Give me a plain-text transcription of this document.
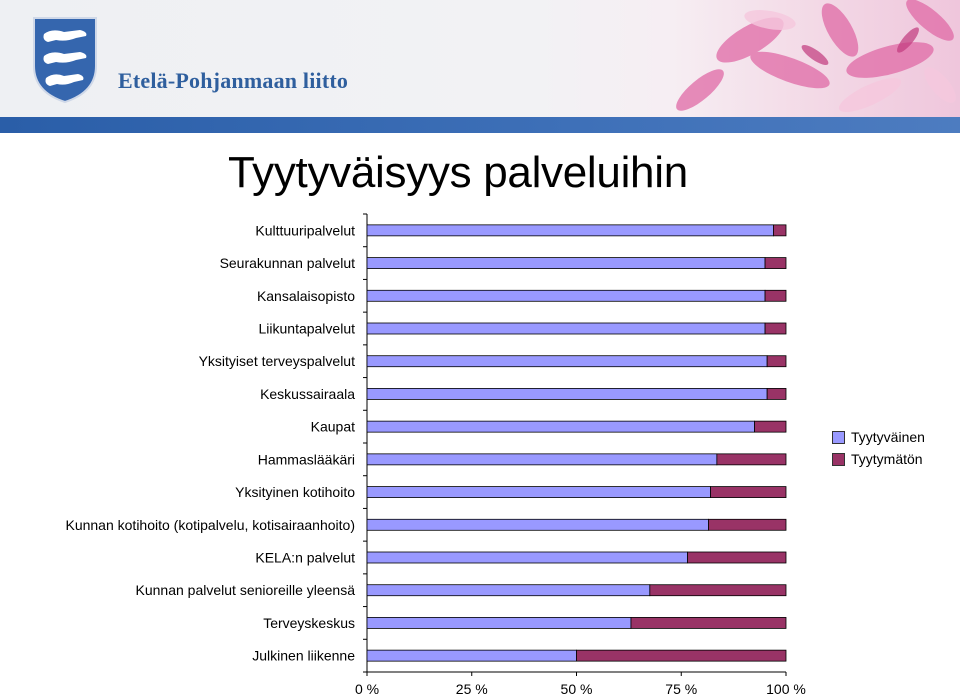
Etelä-Pohjanmaan liitto
Tyytyväisyys palveluihin
0 %	25 %	50 %	75 %	100 %
Kulttuuripalvelut
Seurakunnan palvelut
Kansalaisopisto
Liikuntapalvelut
Yksityiset terveyspalvelut
Keskussairaala
Kaupat
Hammaslääkäri
Yksityinen kotihoito
Kunnan kotihoito (kotipalvelu, kotisairaanhoito)
KELA:n palvelut
Kunnan palvelut senioreille yleensä
Terveyskeskus
Julkinen liikenne
Tyytyväinen
Tyytymätön
